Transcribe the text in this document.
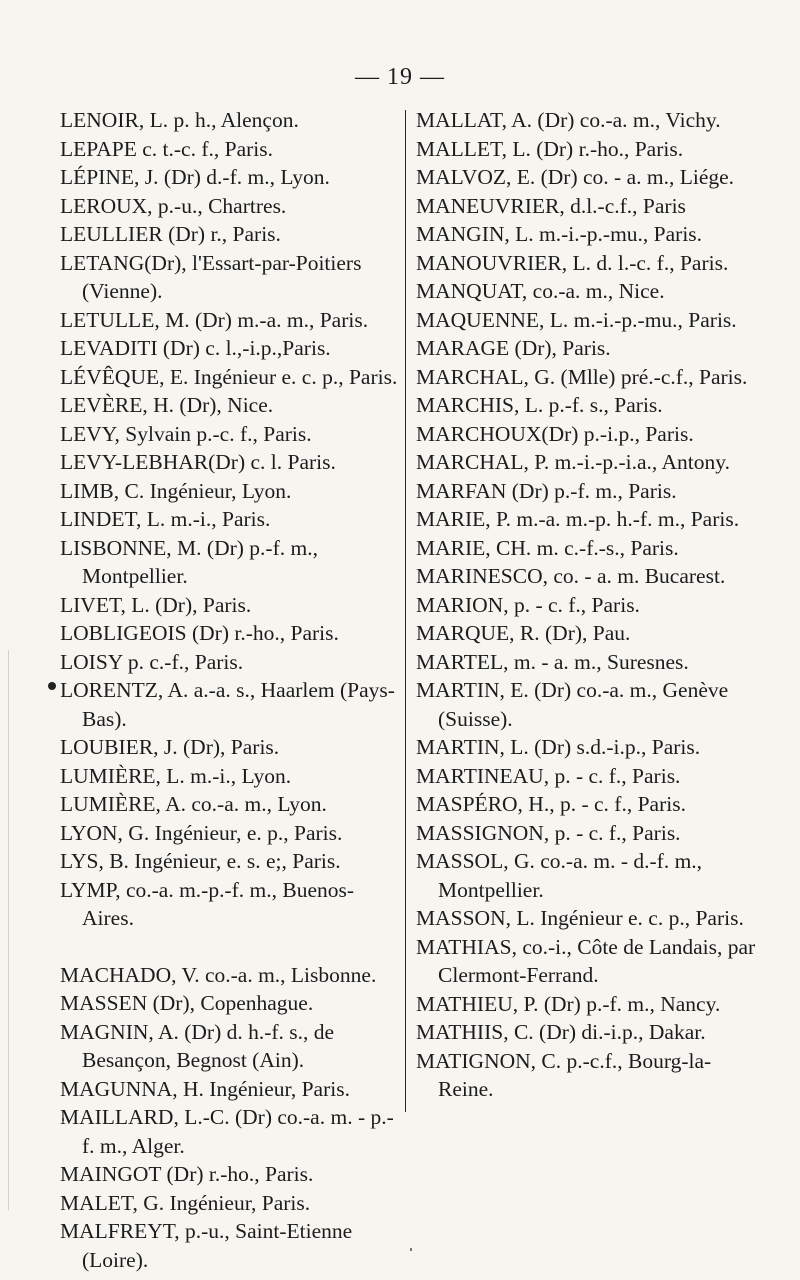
— 19 —

LENOIR, L. p. h., Alençon.

LEPAPE c. t.-c. f., Paris.

LÉPINE, J. (Dr) d.-f. m., Lyon.

LEROUX, p.-u., Chartres.

LEULLIER (Dr) r., Paris.

LETANG(Dr), l'Essart-par-Poitiers (Vienne).

LETULLE, M. (Dr) m.-a. m., Paris.

LEVADITI (Dr) c. l.,-i.p.,Paris.

LÉVÊQUE, E. Ingénieur e. c. p., Paris.

LEVÈRE, H. (Dr), Nice.

LEVY, Sylvain p.-c. f., Paris.

LEVY-LEBHAR(Dr) c. l. Paris.

LIMB, C. Ingénieur, Lyon.

LINDET, L. m.-i., Paris.

LISBONNE, M. (Dr) p.-f. m., Montpellier.

LIVET, L. (Dr), Paris.

LOBLIGEOIS (Dr) r.-ho., Paris.

LOISY p. c.-f., Paris.

LORENTZ, A. a.-a. s., Haarlem (Pays-Bas).

LOUBIER, J. (Dr), Paris.

LUMIÈRE, L. m.-i., Lyon.

LUMIÈRE, A. co.-a. m., Lyon.

LYON, G. Ingénieur, e. p., Paris.

LYS, B. Ingénieur, e. s. e;, Paris.

LYMP, co.-a. m.-p.-f. m., Buenos-Aires.

MACHADO, V. co.-a. m., Lisbonne.

MASSEN (Dr), Copenhague.

MAGNIN, A. (Dr) d. h.-f. s., de Besançon, Begnost (Ain).

MAGUNNA, H. Ingénieur, Paris.

MAILLARD, L.-C. (Dr) co.-a. m. - p.-f. m., Alger.

MAINGOT (Dr) r.-ho., Paris.

MALET, G. Ingénieur, Paris.

MALFREYT, p.-u., Saint-Etienne (Loire).

MALLAT, A. (Dr) co.-a. m., Vichy.

MALLET, L. (Dr) r.-ho., Paris.

MALVOZ, E. (Dr) co. - a. m., Liége.

MANEUVRIER, d.l.-c.f., Paris

MANGIN, L. m.-i.-p.-mu., Paris.

MANOUVRIER, L. d. l.-c. f., Paris.

MANQUAT, co.-a. m., Nice.

MAQUENNE, L. m.-i.-p.-mu., Paris.

MARAGE (Dr), Paris.

MARCHAL, G. (Mlle) pré.-c.f., Paris.

MARCHIS, L. p.-f. s., Paris.

MARCHOUX(Dr) p.-i.p., Paris.

MARCHAL, P. m.-i.-p.-i.a., Antony.

MARFAN (Dr) p.-f. m., Paris.

MARIE, P. m.-a. m.-p. h.-f. m., Paris.

MARIE, CH. m. c.-f.-s., Paris.

MARINESCO, co. - a. m. Bucarest.

MARION, p. - c. f., Paris.

MARQUE, R. (Dr), Pau.

MARTEL, m. - a. m., Suresnes.

MARTIN, E. (Dr) co.-a. m., Genève (Suisse).

MARTIN, L. (Dr) s.d.-i.p., Paris.

MARTINEAU, p. - c. f., Paris.

MASPÉRO, H., p. - c. f., Paris.

MASSIGNON, p. - c. f., Paris.

MASSOL, G. co.-a. m. - d.-f. m., Montpellier.

MASSON, L. Ingénieur e. c. p., Paris.

MATHIAS, co.-i., Côte de Landais, par Clermont-Ferrand.

MATHIEU, P. (Dr) p.-f. m., Nancy.

MATHIIS, C. (Dr) di.-i.p., Dakar.

MATIGNON, C. p.-c.f., Bourg-la-Reine.
